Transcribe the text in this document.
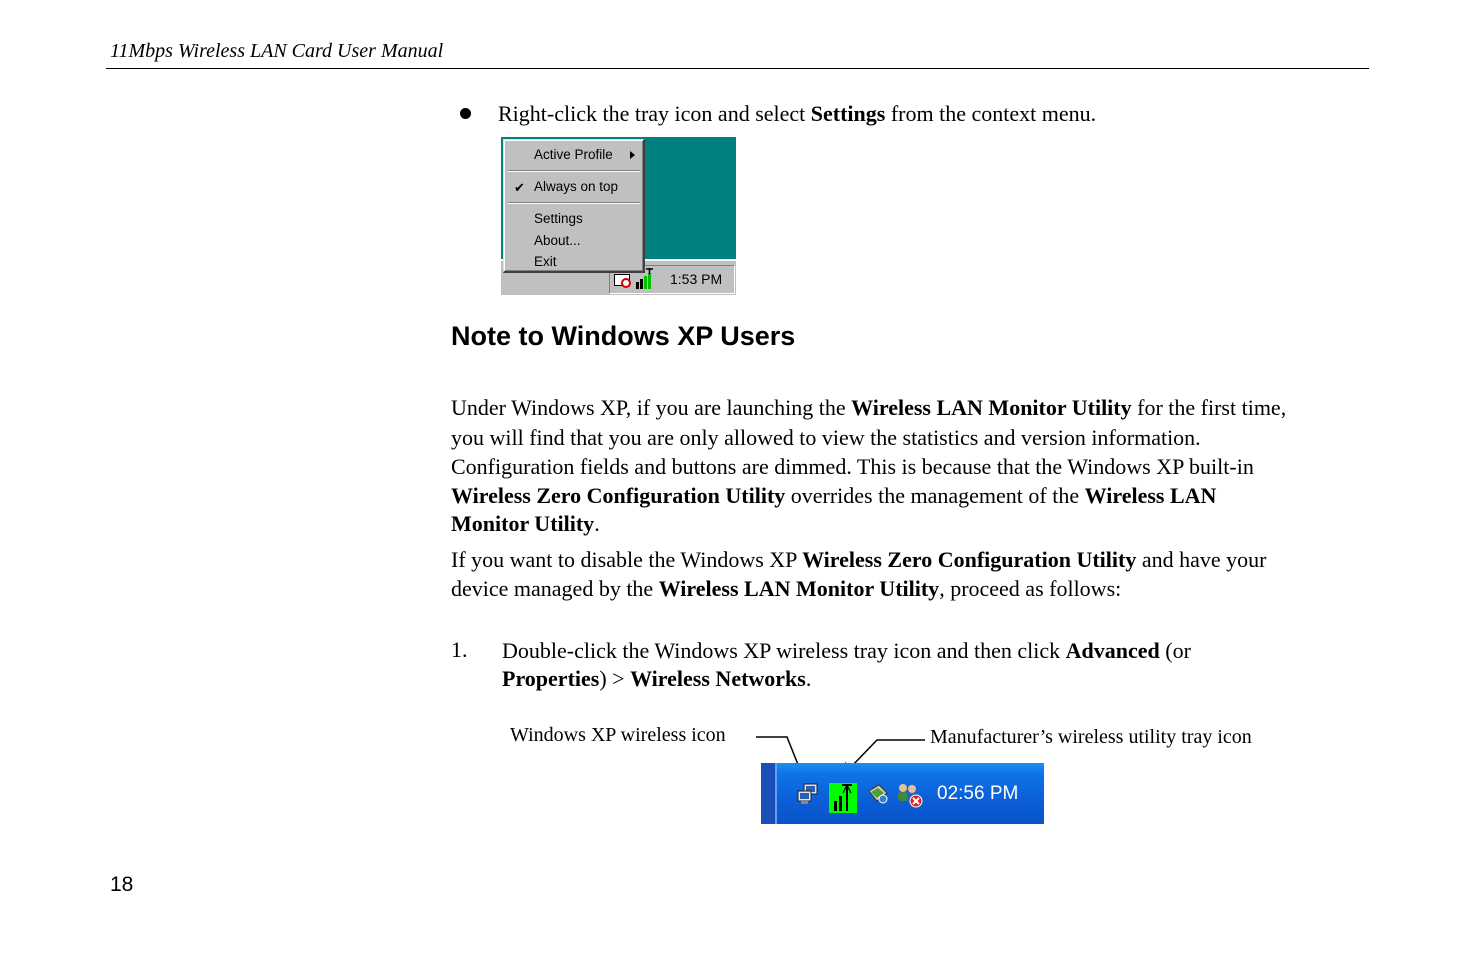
11Mbps Wireless LAN Card User Manual
Right-click the tray icon and select Settings from the context menu.
1:53 PM
Active Profile
✔ Always on top
Settings
About...
Exit
Note to Windows XP Users
Under Windows XP, if you are launching the Wireless LAN Monitor Utility for the first time,
you will find that you are only allowed to view the statistics and version information.
Configuration fields and buttons are dimmed. This is because that the Windows XP built-in
Wireless Zero Configuration Utility overrides the management of the Wireless LAN
Monitor Utility.
If you want to disable the Windows XP Wireless Zero Configuration Utility and have your
device managed by the Wireless LAN Monitor Utility, proceed as follows:
1. Double-click the Windows XP wireless tray icon and then click Advanced (or
Properties) > Wireless Networks.
Windows XP wireless icon	Manufacturer’s wireless utility tray icon
02:56 PM
18
